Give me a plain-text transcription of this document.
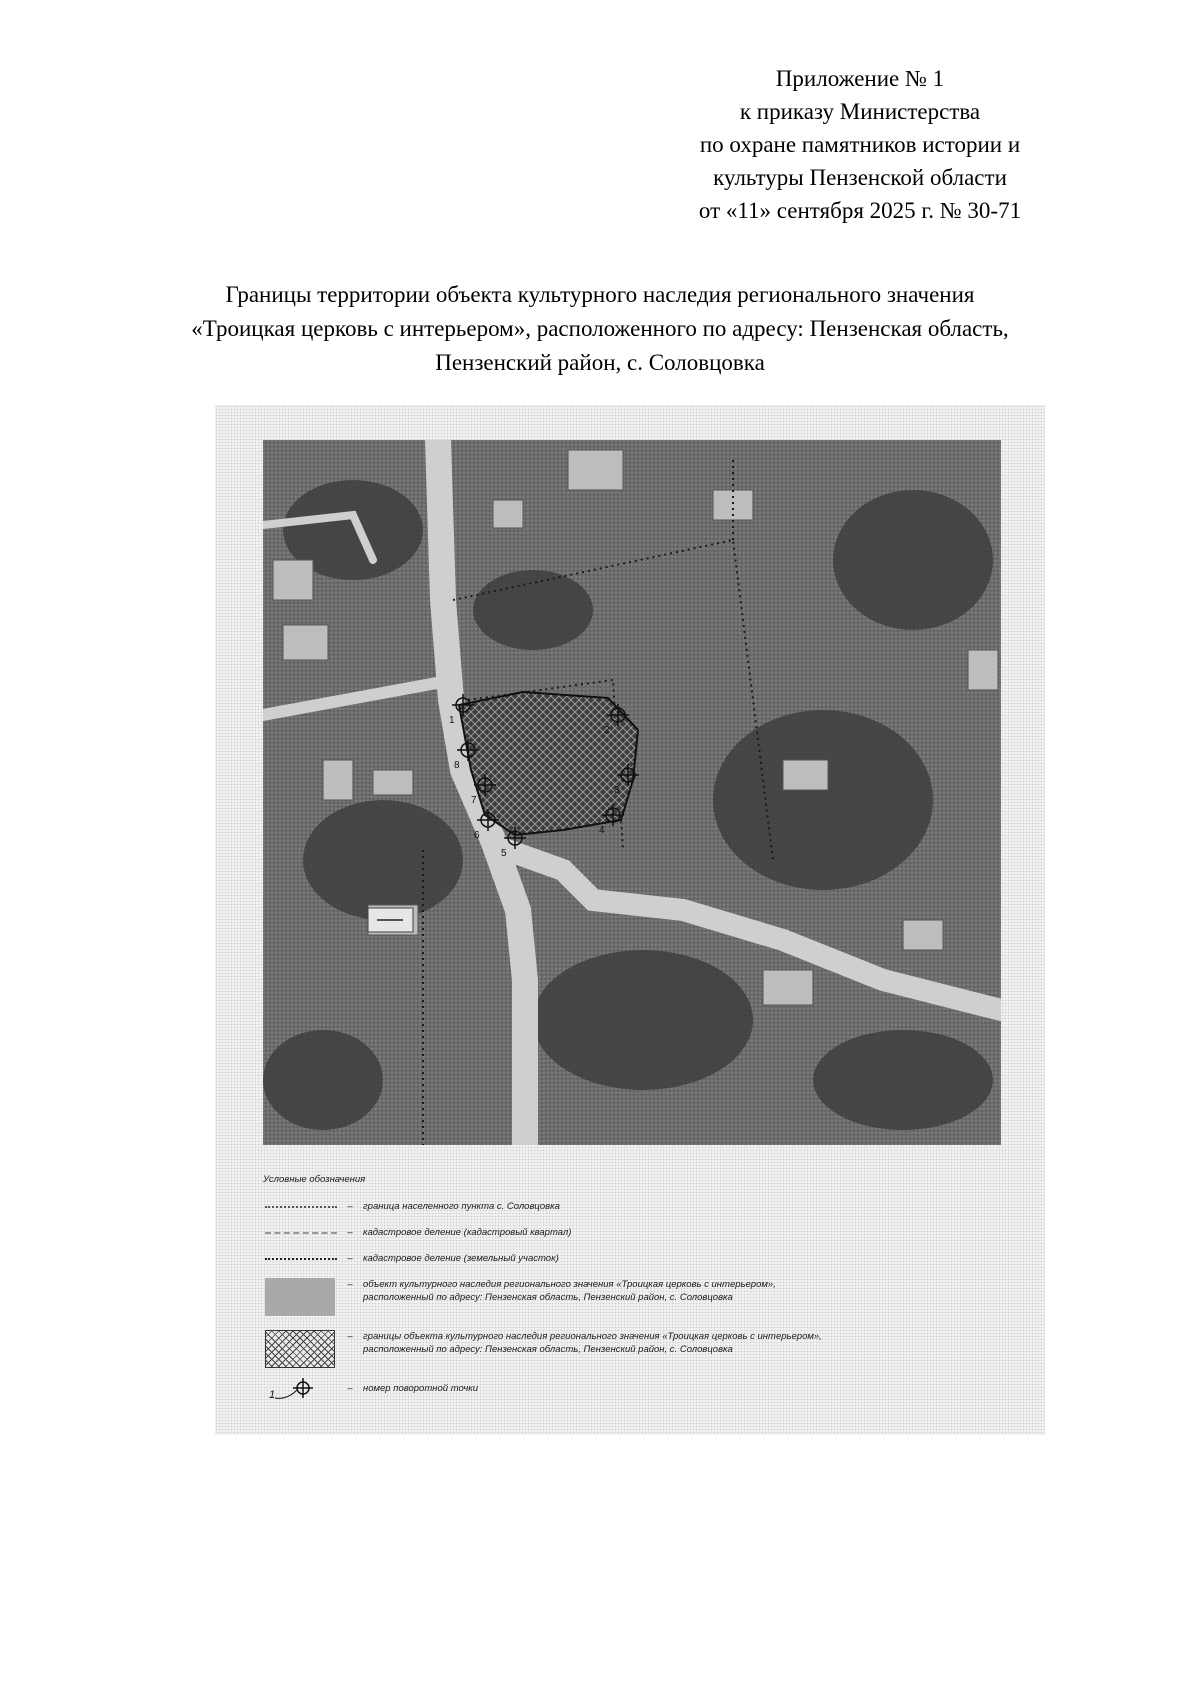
Приложение № 1
к приказу Министерства
по охране памятников истории и
культуры Пензенской области
от «11» сентября 2025 г. № 30-71
Границы территории объекта культурного наследия регионального значения
«Троицкая церковь с интерьером», расположенного по адресу: Пензенская область,
Пензенский район, с. Соловцовка
1
2
3
4
5
6
7
8
Условные обозначения
–	граница населенного пункта с. Соловцовка
–	кадастровое деление (кадастровый квартал)
–	кадастровое деление (земельный участок)
–	объект культурного наследия регионального значения «Троицкая церковь с интерьером», расположенный по адресу: Пензенская область, Пензенский район, с. Соловцовка
–	границы объекта культурного наследия регионального значения «Троицкая церковь с интерьером», расположенный по адресу: Пензенская область, Пензенский район, с. Соловцовка
1
–	номер поворотной точки
